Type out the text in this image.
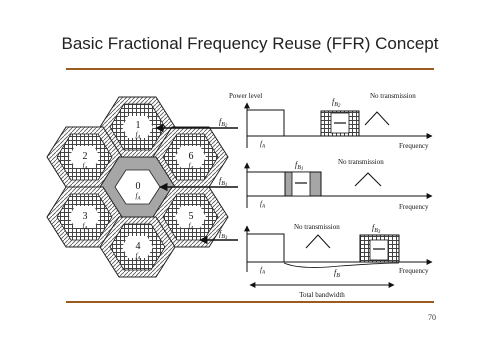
Basic Fractional Frequency Reuse (FFR) Concept
70
1
$f_A$
2
$f_A$
6
$f_A$
0
$f_A$
3
$f_A$
5
$f_A$
4
$f_A$
$f_B2$
$f_B1$
$f_B3$
Power level
$f_B2$
No transmission
$f_A$	Frequency
$f_B1$
No transmission
$f_A$	Frequency
$f_B3$
No transmission
$f_A$	$f_B$
Frequency
Total bandwidth
